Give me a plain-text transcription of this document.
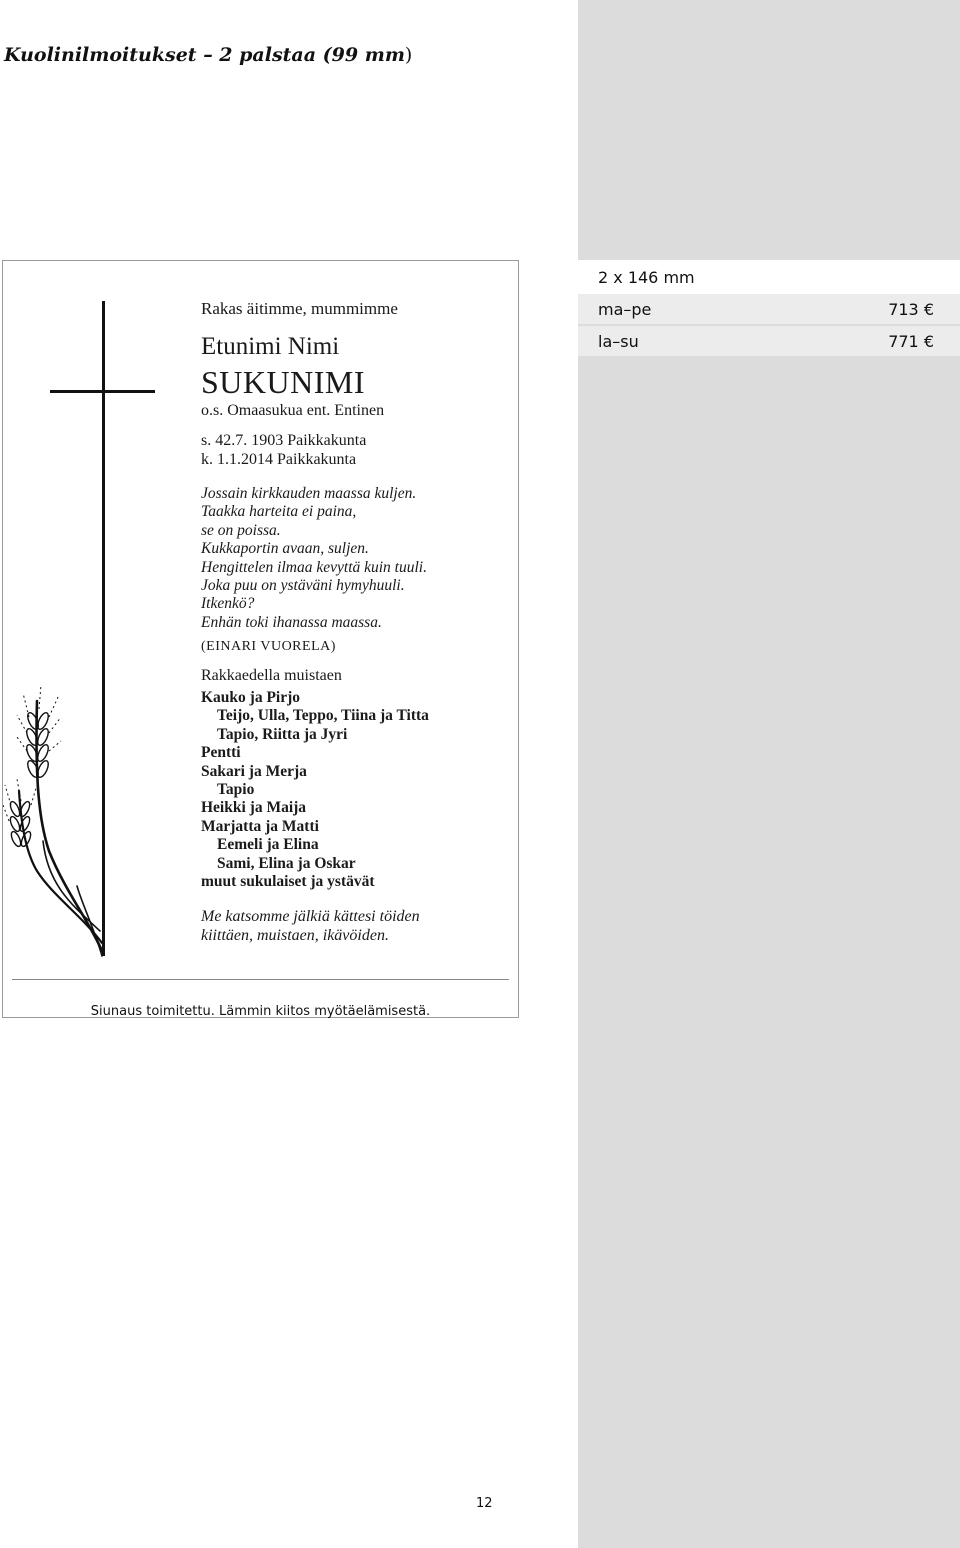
Kuolinilmoitukset – 2 palstaa (99 mm)
2 x 146 mm
ma–pe	713 €
la–su	771 €

Rakas äitimme, mummimme

Etunimi Nimi

SUKUNIMI

o.s. Omaasukua ent. Entinen

s. 42.7. 1903 Paikkakunta

k. 1.1.2014 Paikkakunta

Jossain kirkkauden maassa kuljen.

Taakka harteita ei paina,

se on poissa.

Kukkaportin avaan, suljen.

Hengittelen ilmaa kevyttä kuin tuuli.

Joka puu on ystäväni hymyhuuli.

Itkenkö?

Enhän toki ihanassa maassa.

(EINARI VUORELA)

Rakkaedella muistaen

Kauko ja Pirjo

Teijo, Ulla, Teppo, Tiina ja Titta

Tapio, Riitta ja Jyri

Pentti

Sakari ja Merja

Tapio

Heikki ja Maija

Marjatta ja Matti

Eemeli ja Elina

Sami, Elina ja Oskar

muut sukulaiset ja ystävät

Me katsomme jälkiä kättesi töiden

kiittäen, muistaen, ikävöiden.

Siunaus toimitettu. Lämmin kiitos myötäelämisestä.

12
